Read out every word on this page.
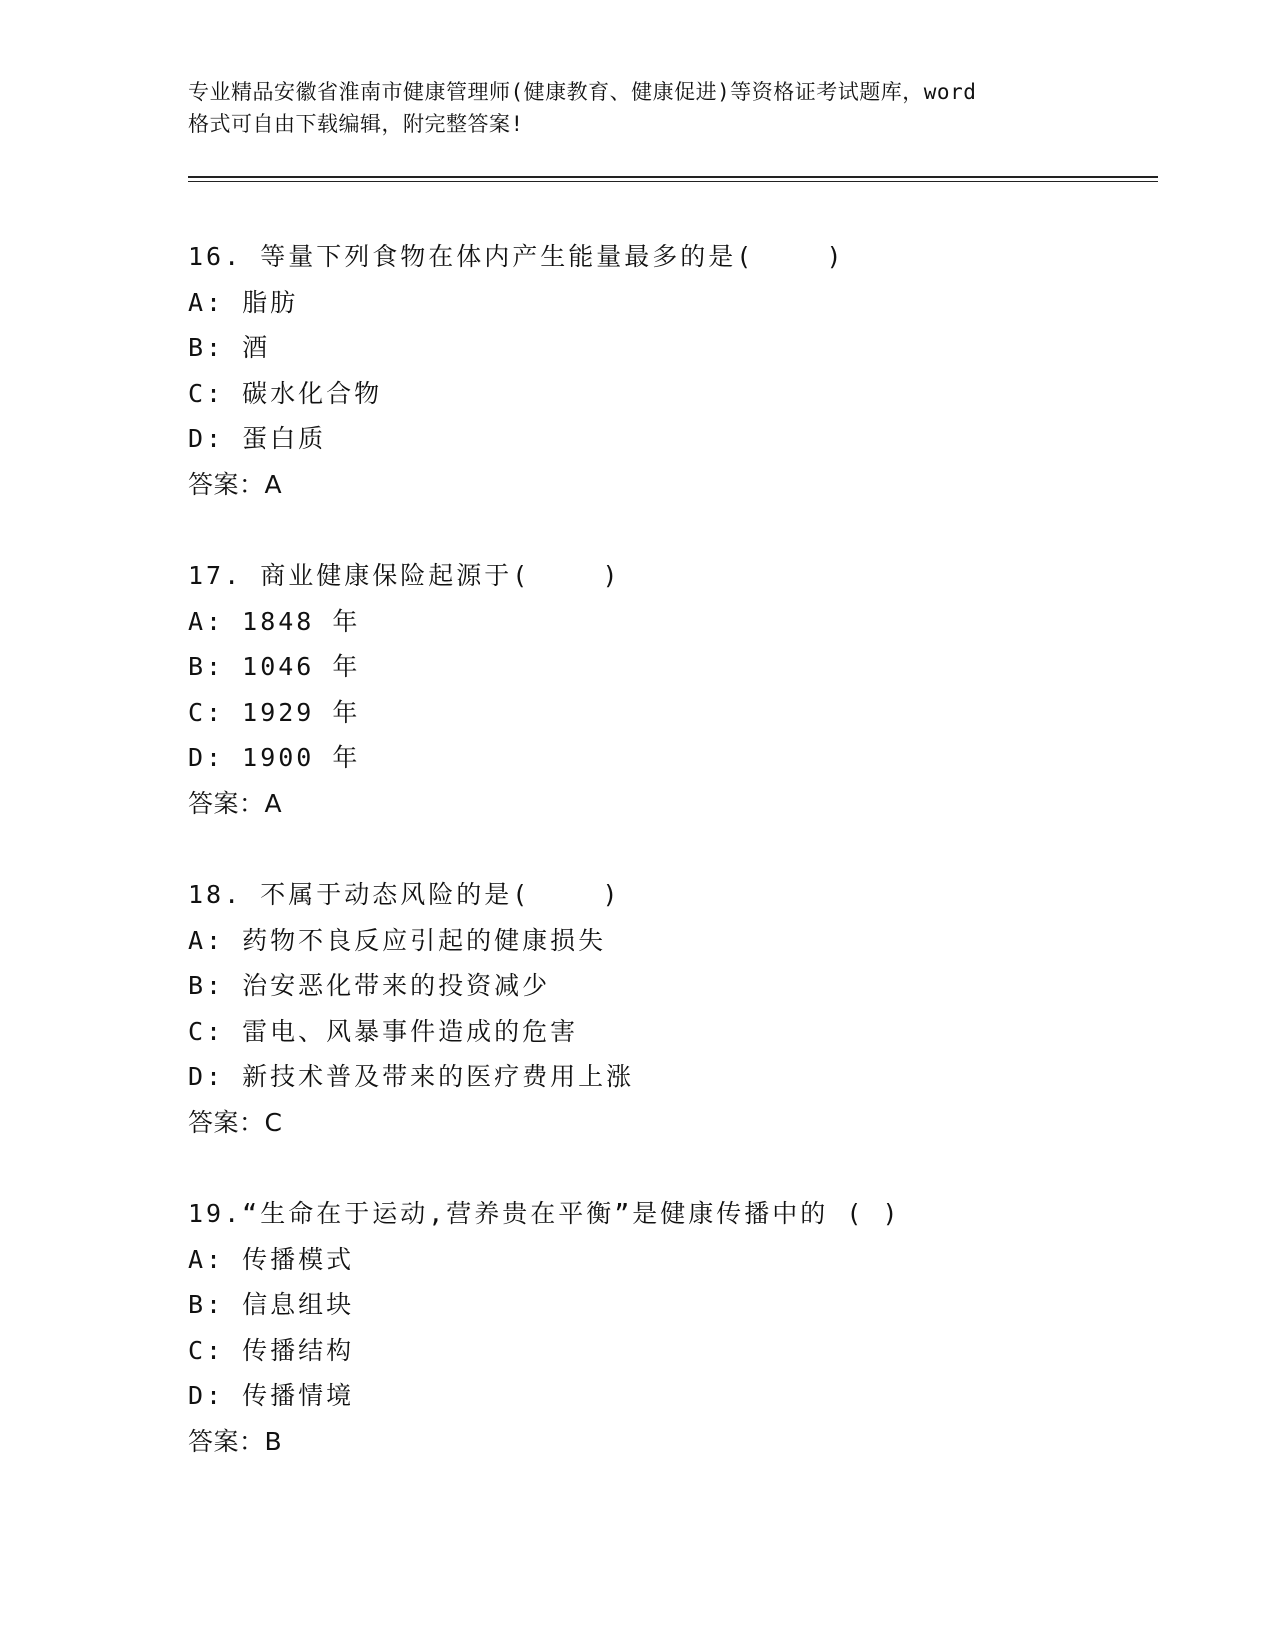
专业精品安徽省淮南市健康管理师(健康教育、健康促进)等资格证考试题库，word
格式可自由下载编辑，附完整答案!
16. 等量下列食物在体内产生能量最多的是(    )
A: 脂肪
B: 酒
C: 碳水化合物
D: 蛋白质
答案：A
17. 商业健康保险起源于(    )
A: 1848 年
B: 1046 年
C: 1929 年
D: 1900 年
答案：A
18. 不属于动态风险的是(    )
A: 药物不良反应引起的健康损失
B: 治安恶化带来的投资减少
C: 雷电、风暴事件造成的危害
D: 新技术普及带来的医疗费用上涨
答案：C
19.“生命在于运动,营养贵在平衡”是健康传播中的 ( )
A: 传播模式
B: 信息组块
C: 传播结构
D: 传播情境
答案：B
